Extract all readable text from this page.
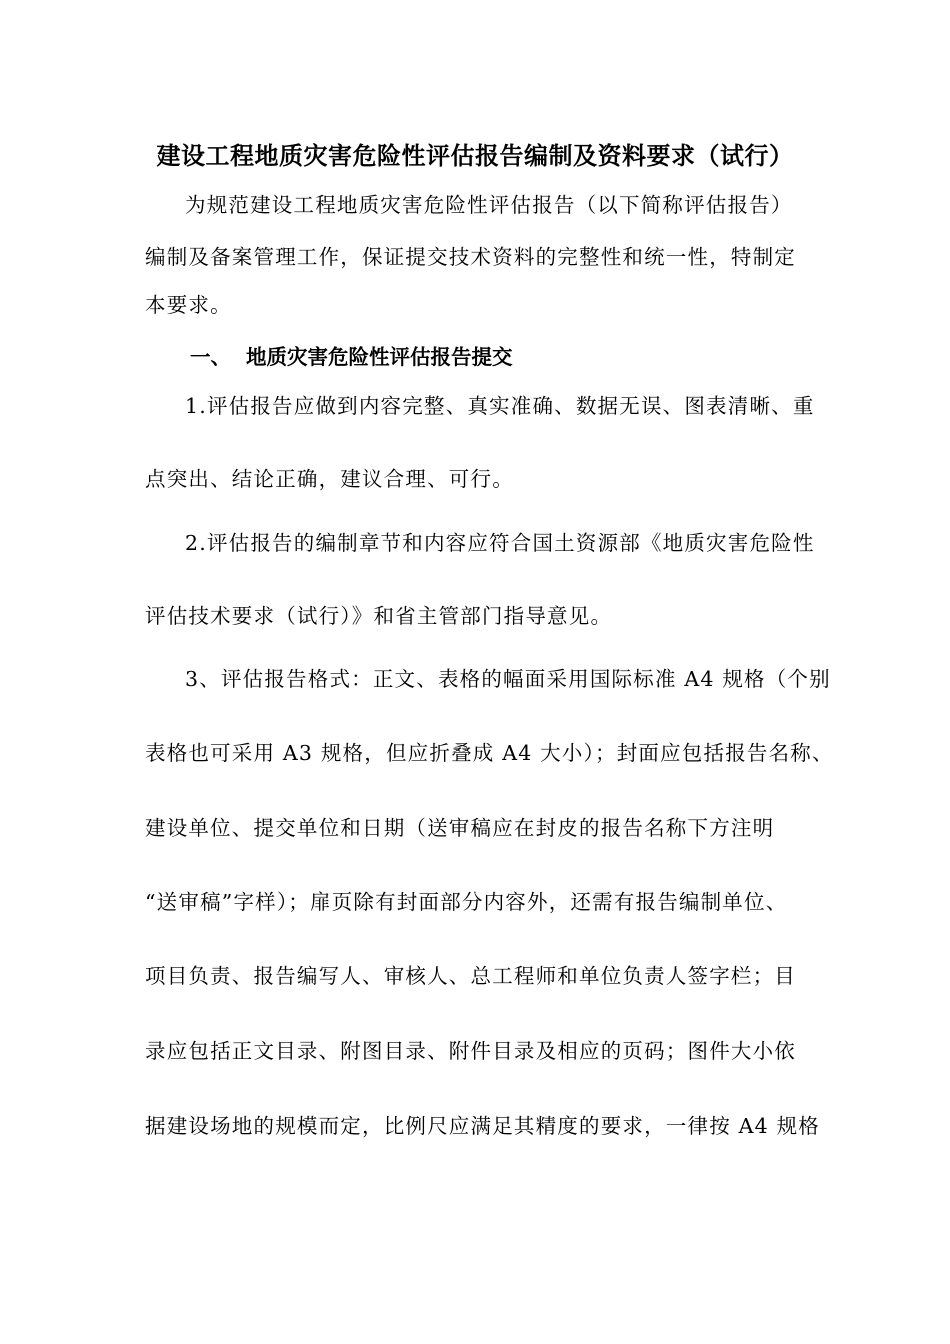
建设工程地质灾害危险性评估报告编制及资料要求（试行）
为规范建设工程地质灾害危险性评估报告（以下简称评估报告）
编制及备案管理工作，保证提交技术资料的完整性和统一性，特制定
本要求。
一、 地质灾害危险性评估报告提交
1.评估报告应做到内容完整、真实准确、数据无误、图表清晰、重
点突出、结论正确，建议合理、可行。
2.评估报告的编制章节和内容应符合国土资源部《地质灾害危险性
评估技术要求（试行）》和省主管部门指导意见。
3、评估报告格式：正文、表格的幅面采用国际标准 A4 规格（个别
表格也可采用 A3 规格，但应折叠成 A4 大小）；封面应包括报告名称、
建设单位、提交单位和日期（送审稿应在封皮的报告名称下方注明
“送审稿”字样）；扉页除有封面部分内容外，还需有报告编制单位、
项目负责、报告编写人、审核人、总工程师和单位负责人签字栏；目
录应包括正文目录、附图目录、附件目录及相应的页码；图件大小依
据建设场地的规模而定，比例尺应满足其精度的要求，一律按 A4 规格
